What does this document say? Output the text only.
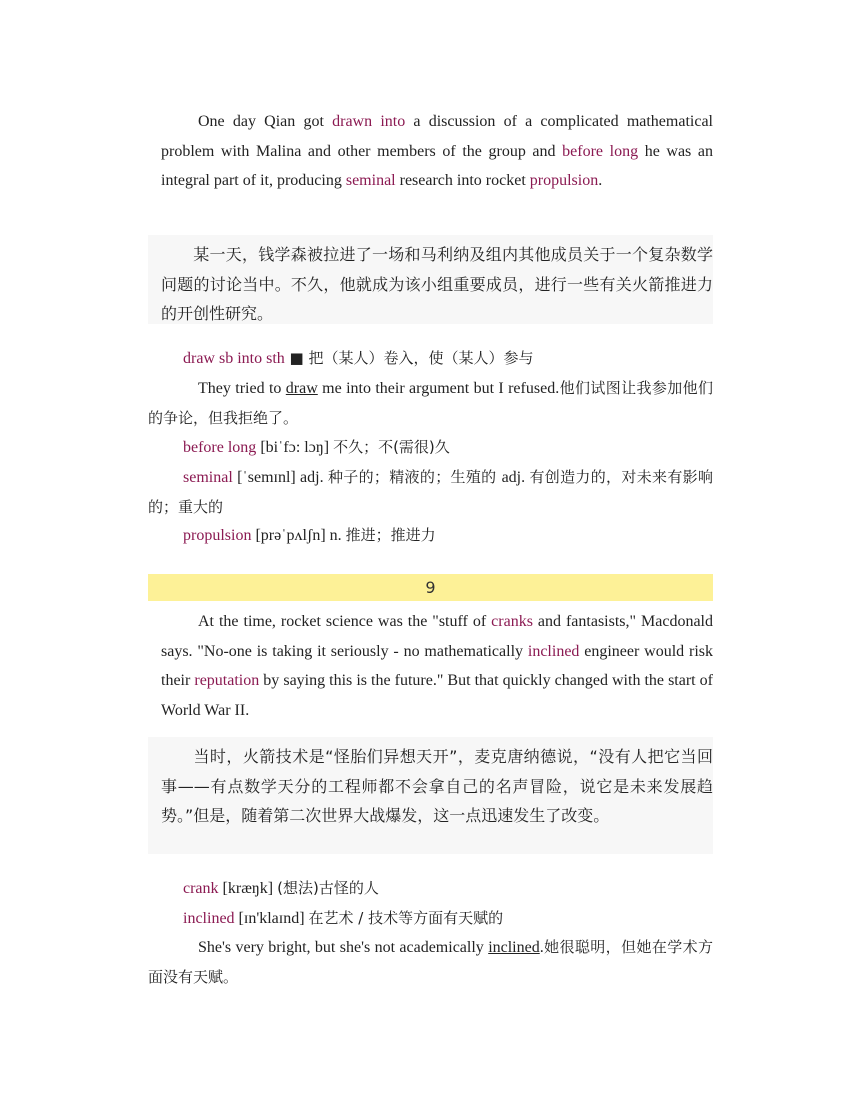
One day Qian got drawn into a discussion of a complicated mathematical problem with Malina and other members of the group and before long he was an integral part of it, producing seminal research into rocket propulsion.

某一天，钱学森被拉进了一场和马利纳及组内其他成员关于一个复杂数学问题的讨论当中。不久，他就成为该小组重要成员，进行一些有关火箭推进力的开创性研究。

draw sb into sth ■ 把（某人）卷入，使（某人）参与

They tried to draw me into their argument but I refused.他们试图让我参加他们的争论，但我拒绝了。

before long [biˈfɔ: lɔŋ] 不久；不(需很)久

seminal [ˈsemɪnl] adj. 种子的；精液的；生殖的 adj. 有创造力的，对未来有影响的；重大的

propulsion [prəˈpʌlʃn] n. 推进；推进力

9

At the time, rocket science was the "stuff of cranks and fantasists," Macdonald says. "No-one is taking it seriously - no mathematically inclined engineer would risk their reputation by saying this is the future." But that quickly changed with the start of World War II.

当时，火箭技术是“怪胎们异想天开”，麦克唐纳德说，“没有人把它当回事——有点数学天分的工程师都不会拿自己的名声冒险，说它是未来发展趋势。”但是，随着第二次世界大战爆发，这一点迅速发生了改变。

crank [kræŋk] (想法)古怪的人

inclined [ɪn'klaɪnd] 在艺术 / 技术等方面有天赋的

She's very bright, but she's not academically inclined.她很聪明，但她在学术方面没有天赋。
